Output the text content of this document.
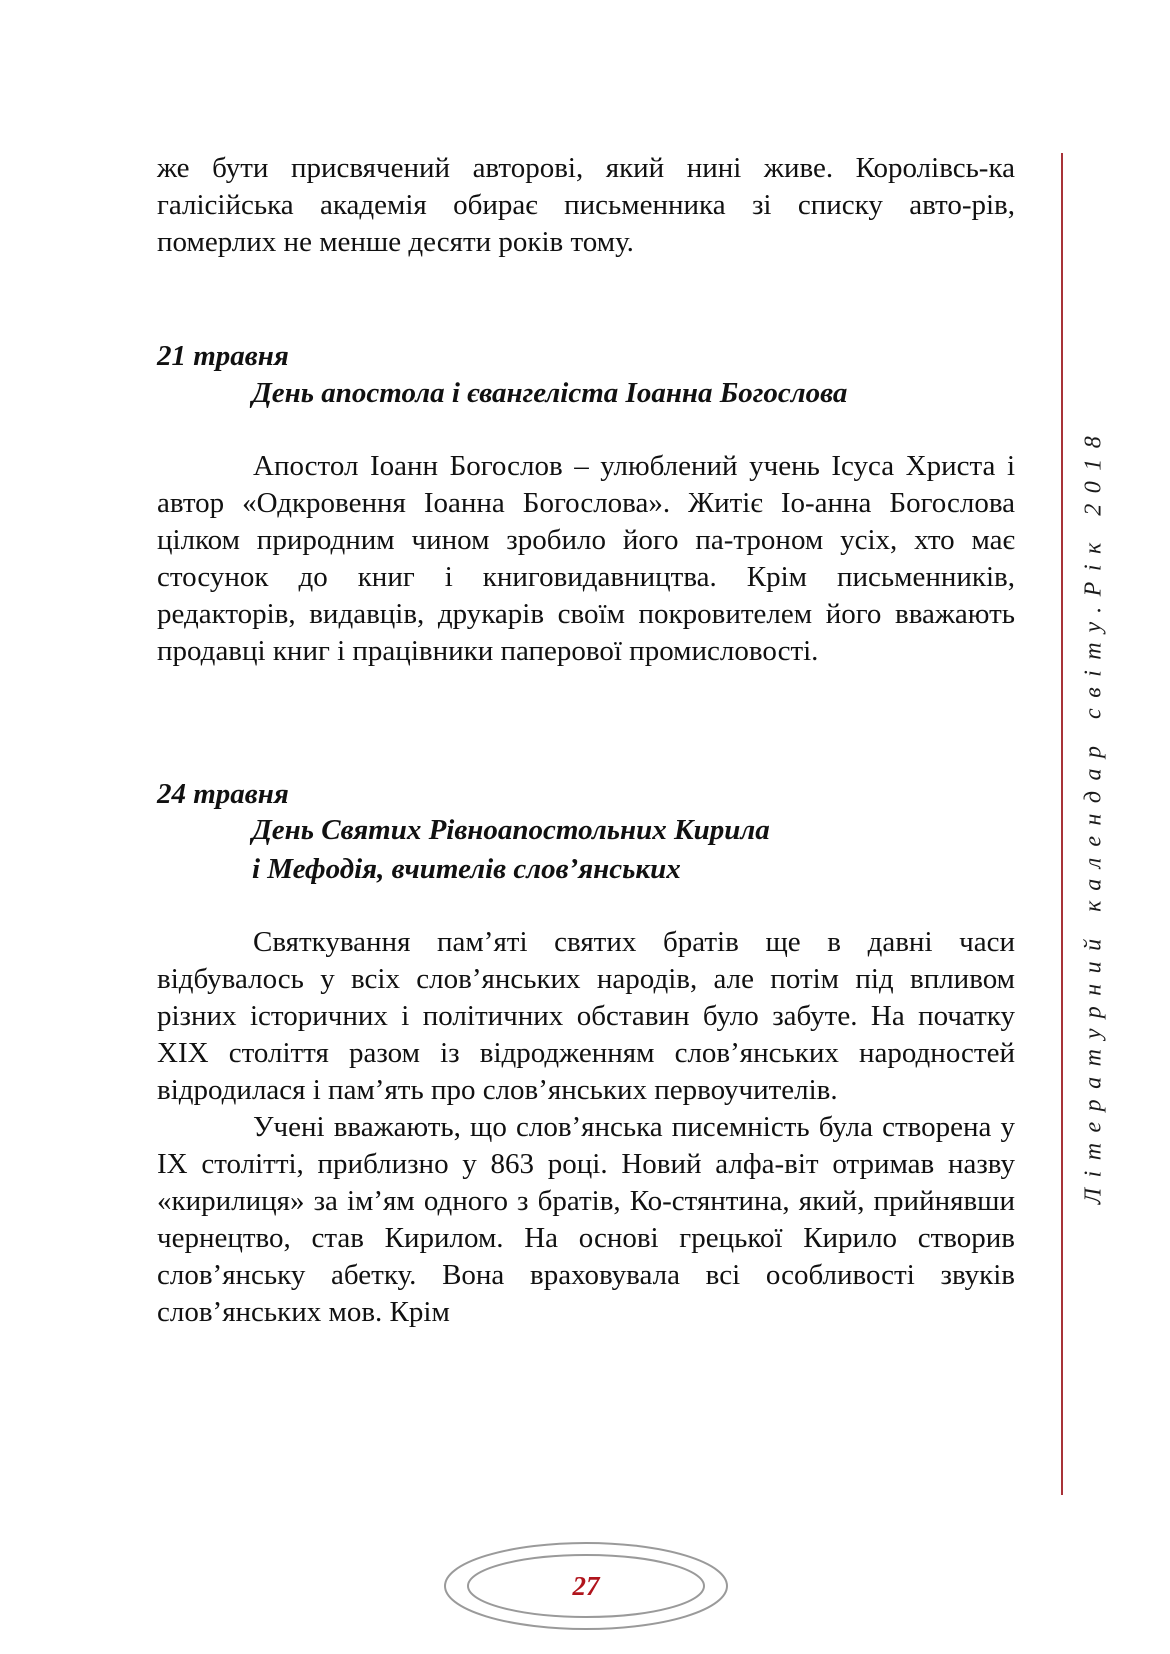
же бути присвячений авторові, який нині живе. Королівсь-ка галісійська академія обирає письменника зі списку авто-рів, померлих не менше десяти років тому.

21 травня
День апостола і євангеліста Іоанна Богослова

Апостол Іоанн Богослов – улюблений учень Ісуса Христа і автор «Одкровення Іоанна Богослова». Житіє Іо-анна Богослова цілком природним чином зробило його па-троном усіх, хто має стосунок до книг і книговидавництва. Крім письменників, редакторів, видавців, друкарів своїм покровителем його вважають продавці книг і працівники паперової промисловості.

24 травня
День Святих Рівноапостольних Кирила
і Мефодія, вчителів слов’янських

Святкування пам’яті святих братів ще в давні часи відбувалось у всіх слов’янських народів, але потім під впливом різних історичних і політичних обставин було забуте. На початку XIX століття разом із відродженням слов’янських народностей відродилася і пам’ять про слов’янських первоучителів.

Учені вважають, що слов’янська писемність була створена у IX столітті, приблизно у 863 році. Новий алфа-віт отримав назву «кирилиця» за ім’ям одного з братів, Ко-стянтина, який, прийнявши чернецтво, став Кирилом. На основі грецької Кирило створив слов’янську абетку. Вона враховувала всі особливості звуків слов’янських мов. Крім

Літературний календар світу.Рік 2018
27
